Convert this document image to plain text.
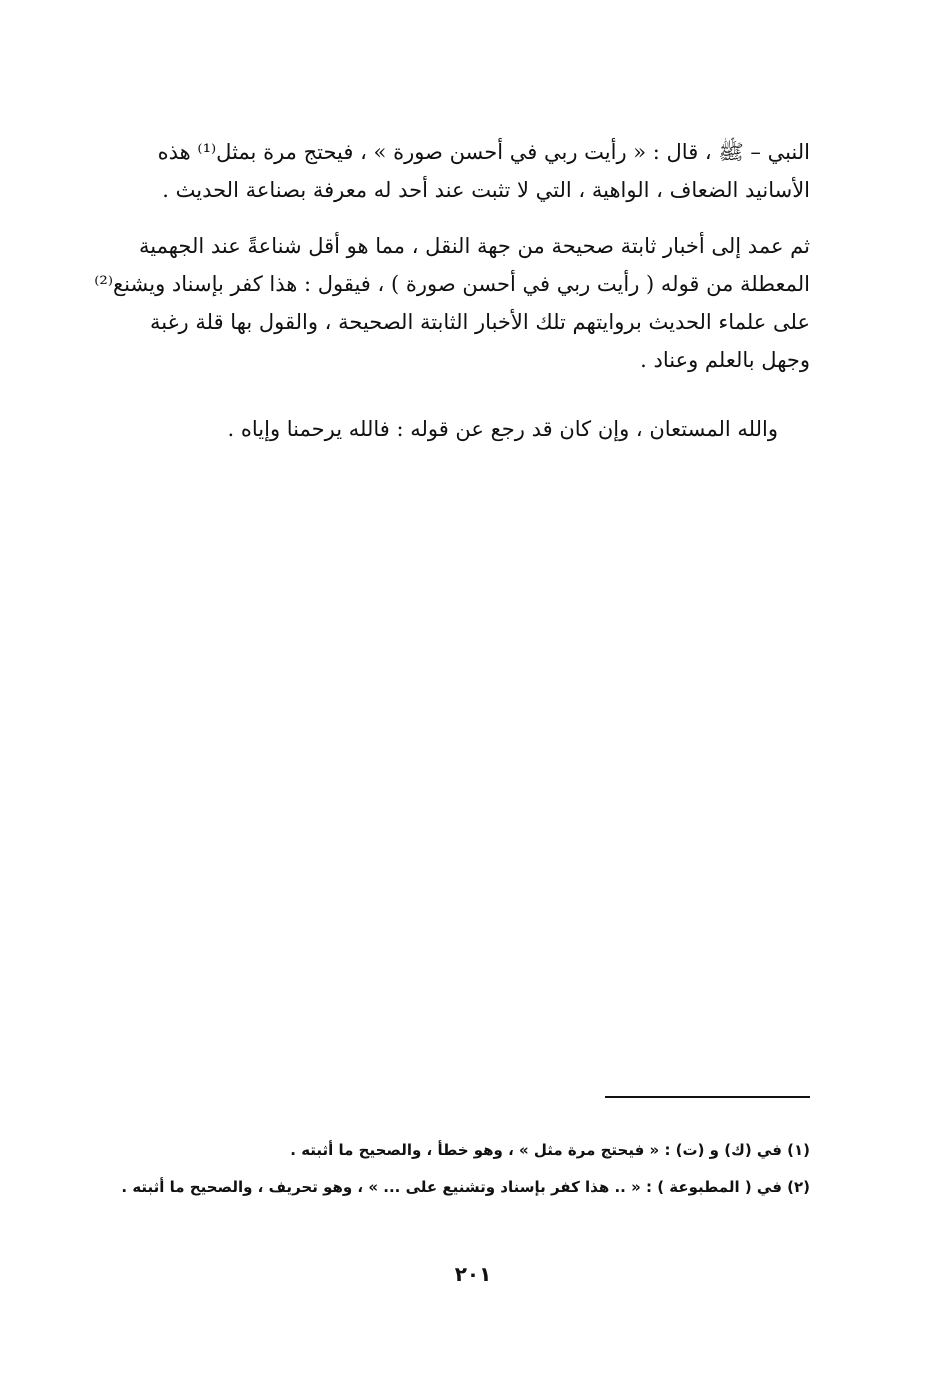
النبي – ﷺ ، قال : « رأيت ربي في أحسن صورة » ، فيحتج مرة بمثل⁽¹⁾ هذه
الأسانيد الضعاف ، الواهية ، التي لا تثبت عند أحد له معرفة بصناعة الحديث .

ثم عمد إلى أخبار ثابتة صحيحة من جهة النقل ، مما هو أقل شناعةً عند الجهمية
المعطلة من قوله ( رأيت ربي في أحسن صورة ) ، فيقول : هذا كفر بإسناد ويشنع⁽²⁾
على علماء الحديث بروايتهم تلك الأخبار الثابتة الصحيحة ، والقول بها قلة رغبة
وجهل بالعلم وعناد .

والله المستعان ، وإن كان قد رجع عن قوله : فالله يرحمنا وإياه .

(١) في (ك) و (ت) : « فيحتج مرة مثل » ، وهو خطأ ، والصحيح ما أثبته .
(٢) في ( المطبوعة ) : « .. هذا كفر بإسناد وتشنيع على ... » ، وهو تحريف ، والصحيح ما أثبته .
٢٠١
